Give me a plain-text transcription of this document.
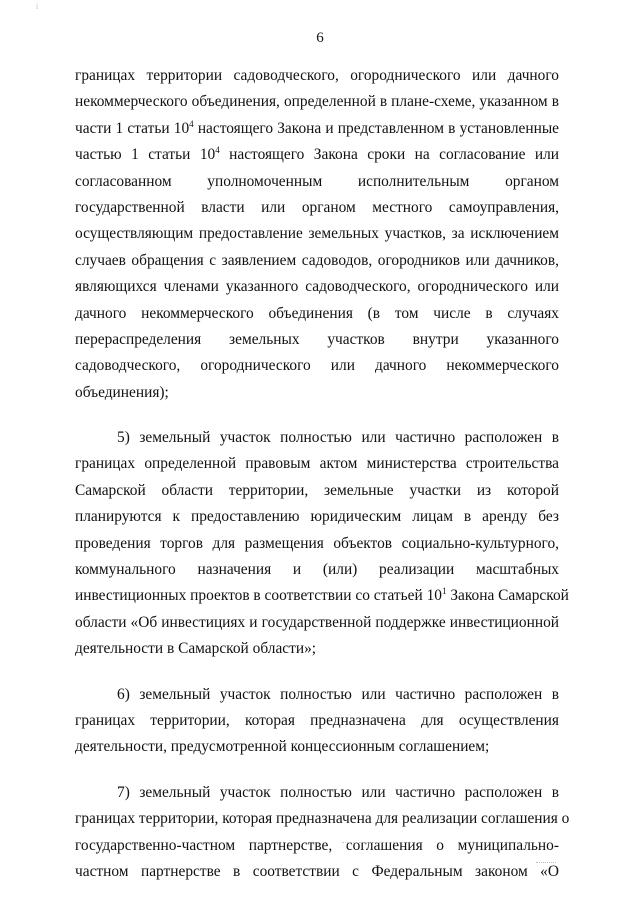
і
6
границах территории садоводческого, огороднического или дачного
некоммерческого объединения, определенной в плане-схеме, указанном в
части 1 статьи $10^4$ настоящего Закона и представленном в установленные
частью 1 статьи $10^4$ настоящего Закона сроки на согласование или
согласованном уполномоченным исполнительным органом
государственной власти или органом местного самоуправления,
осуществляющим предоставление земельных участков, за исключением
случаев обращения с заявлением садоводов, огородников или дачников,
являющихся членами указанного садоводческого, огороднического или
дачного некоммерческого объединения (в том числе в случаях
перераспределения земельных участков внутри указанного
садоводческого, огороднического или дачного некоммерческого
объединения);
5) земельный участок полностью или частично расположен в
границах определенной правовым актом министерства строительства
Самарской области территории, земельные участки из которой
планируются к предоставлению юридическим лицам в аренду без
проведения торгов для размещения объектов социально-культурного,
коммунального назначения и (или) реализации масштабных
инвестиционных проектов в соответствии со статьей $10^1$ Закона Самарской
области «Об инвестициях и государственной поддержке инвестиционной
деятельности в Самарской области»;
6) земельный участок полностью или частично расположен в
границах территории, которая предназначена для осуществления
деятельности, предусмотренной концессионным соглашением;
7) земельный участок полностью или частично расположен в
границах территории, которая предназначена для реализации соглашения о
государственно-частном партнерстве, соглашения о муниципально-
частном партнерстве в соответствии с Федеральным законом «О
